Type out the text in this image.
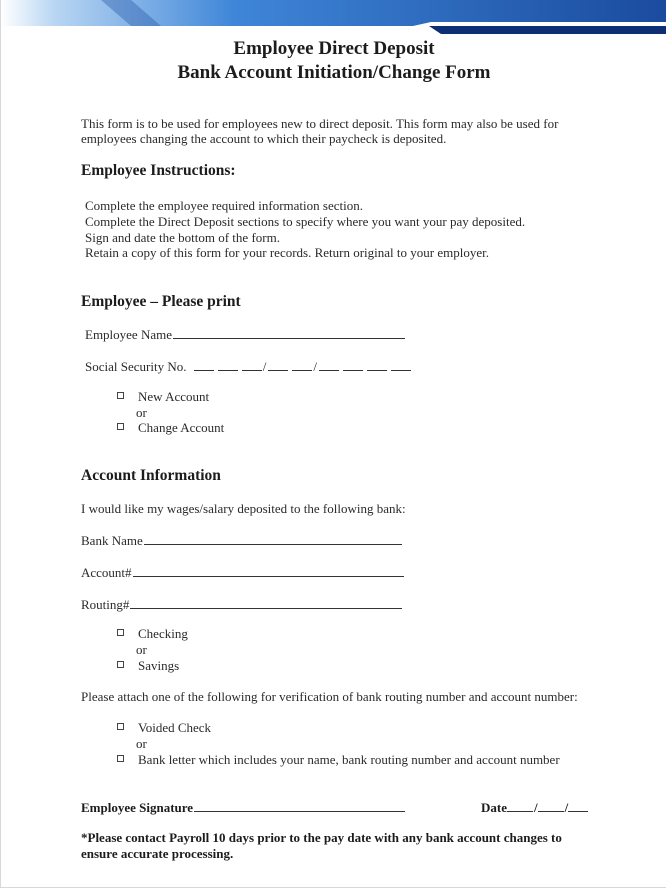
Employee Direct Deposit
Bank Account Initiation/Change Form
This form is to be used for employees new to direct deposit. This form may also be used for
employees changing the account to which their paycheck is deposited.
Employee Instructions:
Complete the employee required information section.
Complete the Direct Deposit sections to specify where you want your pay deposited.
Sign and date the bottom of the form.
Retain a copy of this form for your records. Return original to your employer.
Employee – Please print
Employee Name
Social Security No.	/	/
New Account
or
Change Account
Account Information
I would like my wages/salary deposited to the following bank:
Bank Name
Account#
Routing#
Checking
or
Savings
Please attach one of the following for verification of bank routing number and account number:
Voided Check
or
Bank letter which includes your name, bank routing number and account number
Employee Signature	Date / /
*Please contact Payroll 10 days prior to the pay date with any bank account changes to
ensure accurate processing.
